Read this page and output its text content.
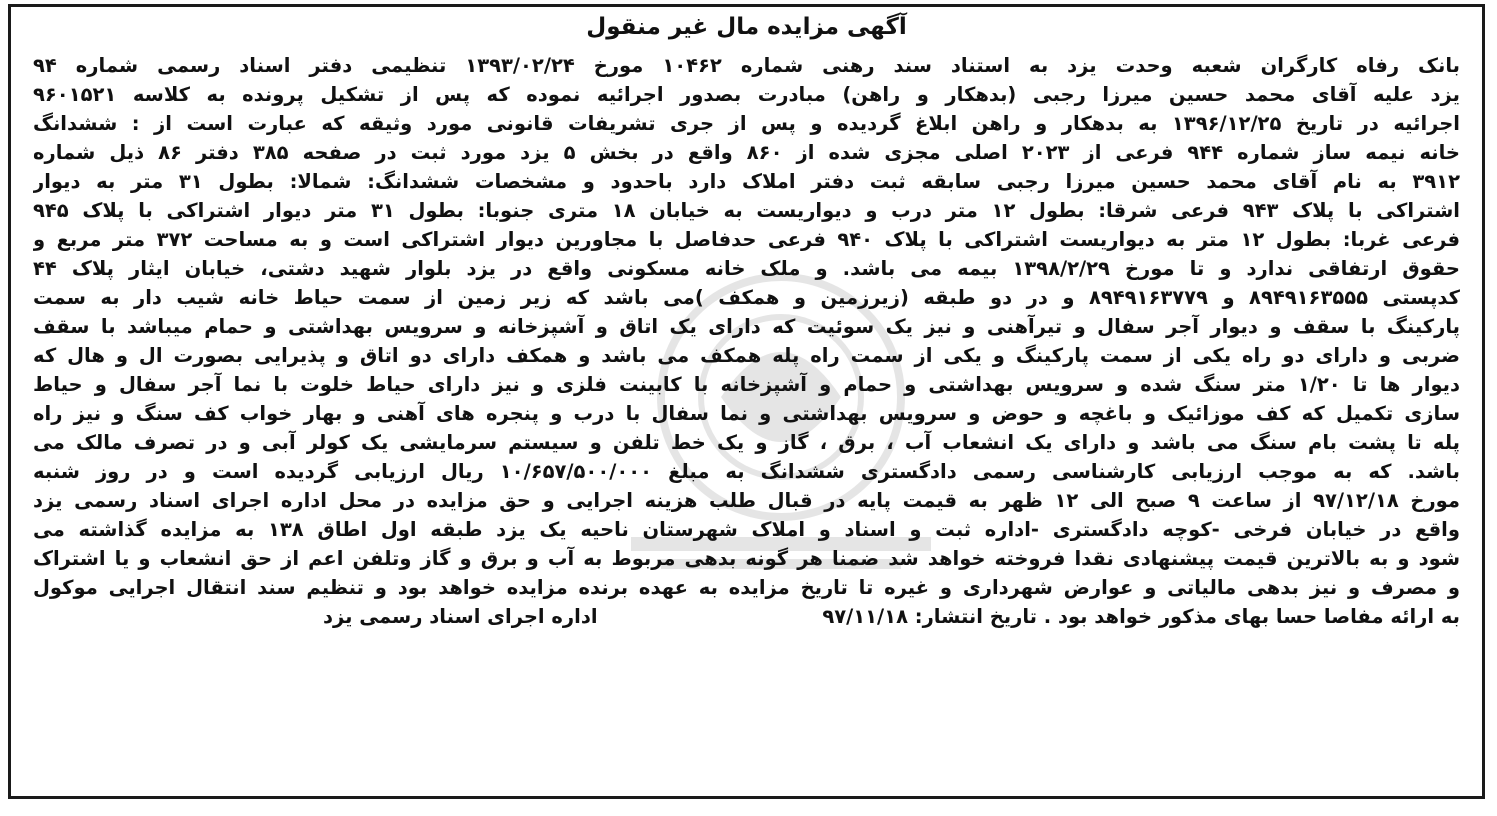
آگهی مزایده مال غیر منقول
بانک رفاه کارگران شعبه وحدت یزد به استناد سند رهنی شماره ۱۰۴۶۲ مورخ ۱۳۹۳/۰۲/۲۴ تنظیمی دفتر اسناد رسمی شماره ۹۴
یزد علیه آقای محمد حسین میرزا رجبی (بدهکار و راهن) مبادرت بصدور اجرائیه نموده که پس از تشکیل پرونده به کلاسه ۹۶۰۱۵۲۱
اجرائیه در تاریخ ۱۳۹۶/۱۲/۲۵ به بدهکار و راهن ابلاغ گردیده و پس از جری تشریفات قانونی مورد وثیقه که عبارت است از : ششدانگ
خانه نیمه ساز شماره ۹۴۴ فرعی از ۲۰۲۳ اصلی مجزی شده از ۸۶۰ واقع در بخش ۵ یزد مورد ثبت در صفحه ۳۸۵ دفتر ۸۶ ذیل شماره
۳۹۱۲ به نام آقای محمد حسین میرزا رجبی سابقه ثبت دفتر املاک دارد باحدود و مشخصات ششدانگ: شمالا: بطول ۳۱ متر به دیوار
اشتراکی با پلاک ۹۴۳ فرعی شرقا: بطول ۱۲ متر درب و دیواریست به خیابان ۱۸ متری جنوبا: بطول ۳۱ متر دیوار اشتراکی با پلاک ۹۴۵
فرعی غربا: بطول ۱۲ متر به دیواریست اشتراکی با پلاک ۹۴۰ فرعی حدفاصل با مجاورین دیوار اشتراکی است و به مساحت ۳۷۲ متر مربع و
حقوق ارتفاقی ندارد و تا مورخ ۱۳۹۸/۲/۲۹ بیمه می باشد. و ملک خانه مسکونی واقع در یزد بلوار شهید دشتی، خیابان ایثار پلاک ۴۴
کدپستی ۸۹۴۹۱۶۳۵۵۵ و ۸۹۴۹۱۶۳۷۷۹ و در دو طبقه (زیرزمین و همکف )می باشد که زیر زمین از سمت حیاط خانه شیب دار به سمت
پارکینگ با سقف و دیوار آجر سفال و تیرآهنی و نیز یک سوئیت که دارای یک اتاق و آشپزخانه و سرویس بهداشتی و حمام میباشد با سقف
ضربی و دارای دو راه یکی از سمت پارکینگ و یکی از سمت راه پله همکف می باشد و همکف دارای دو اتاق و پذیرایی بصورت ال و هال که
دیوار ها تا ۱/۲۰ متر سنگ شده و سرویس بهداشتی و حمام و آشپزخانه با کابینت فلزی و نیز دارای حیاط خلوت با نما آجر سفال و حیاط
سازی تکمیل که کف موزائیک و باغچه و حوض و سرویس بهداشتی و نما سفال با درب و پنجره های آهنی و بهار خواب کف سنگ و نیز راه
پله تا پشت بام سنگ می باشد و دارای یک انشعاب آب ، برق ، گاز و یک خط تلفن و سیستم سرمایشی یک کولر آبی و در تصرف مالک می
باشد. که به موجب ارزیابی کارشناسی رسمی دادگستری ششدانگ به مبلغ ۱۰/۶۵۷/۵۰۰/۰۰۰ ریال ارزیابی گردیده است و در روز شنبه
مورخ ۹۷/۱۲/۱۸ از ساعت ۹ صبح الی ۱۲ ظهر به قیمت پایه در قبال طلب هزینه اجرایی و حق مزایده در محل اداره اجرای اسناد رسمی یزد
واقع در خیابان فرخی -کوچه دادگستری -اداره ثبت و اسناد و املاک شهرستان ناحیه یک یزد طبقه اول اطاق ۱۳۸ به مزایده گذاشته می
شود و به بالاترین قیمت پیشنهادی نقدا فروخته خواهد شد ضمنا هر گونه بدهی مربوط به آب و برق و گاز وتلفن اعم از حق انشعاب و یا اشتراک
و مصرف و نیز بدهی مالیاتی و عوارض شهرداری و غیره تا تاریخ مزایده به عهده برنده مزایده خواهد بود و تنظیم سند انتقال اجرایی موکول
به ارائه مفاصا حسا بهای مذکور خواهد بود . تاریخ انتشار: ۹۷/۱۱/۱۸
اداره اجرای اسناد رسمی یزد
